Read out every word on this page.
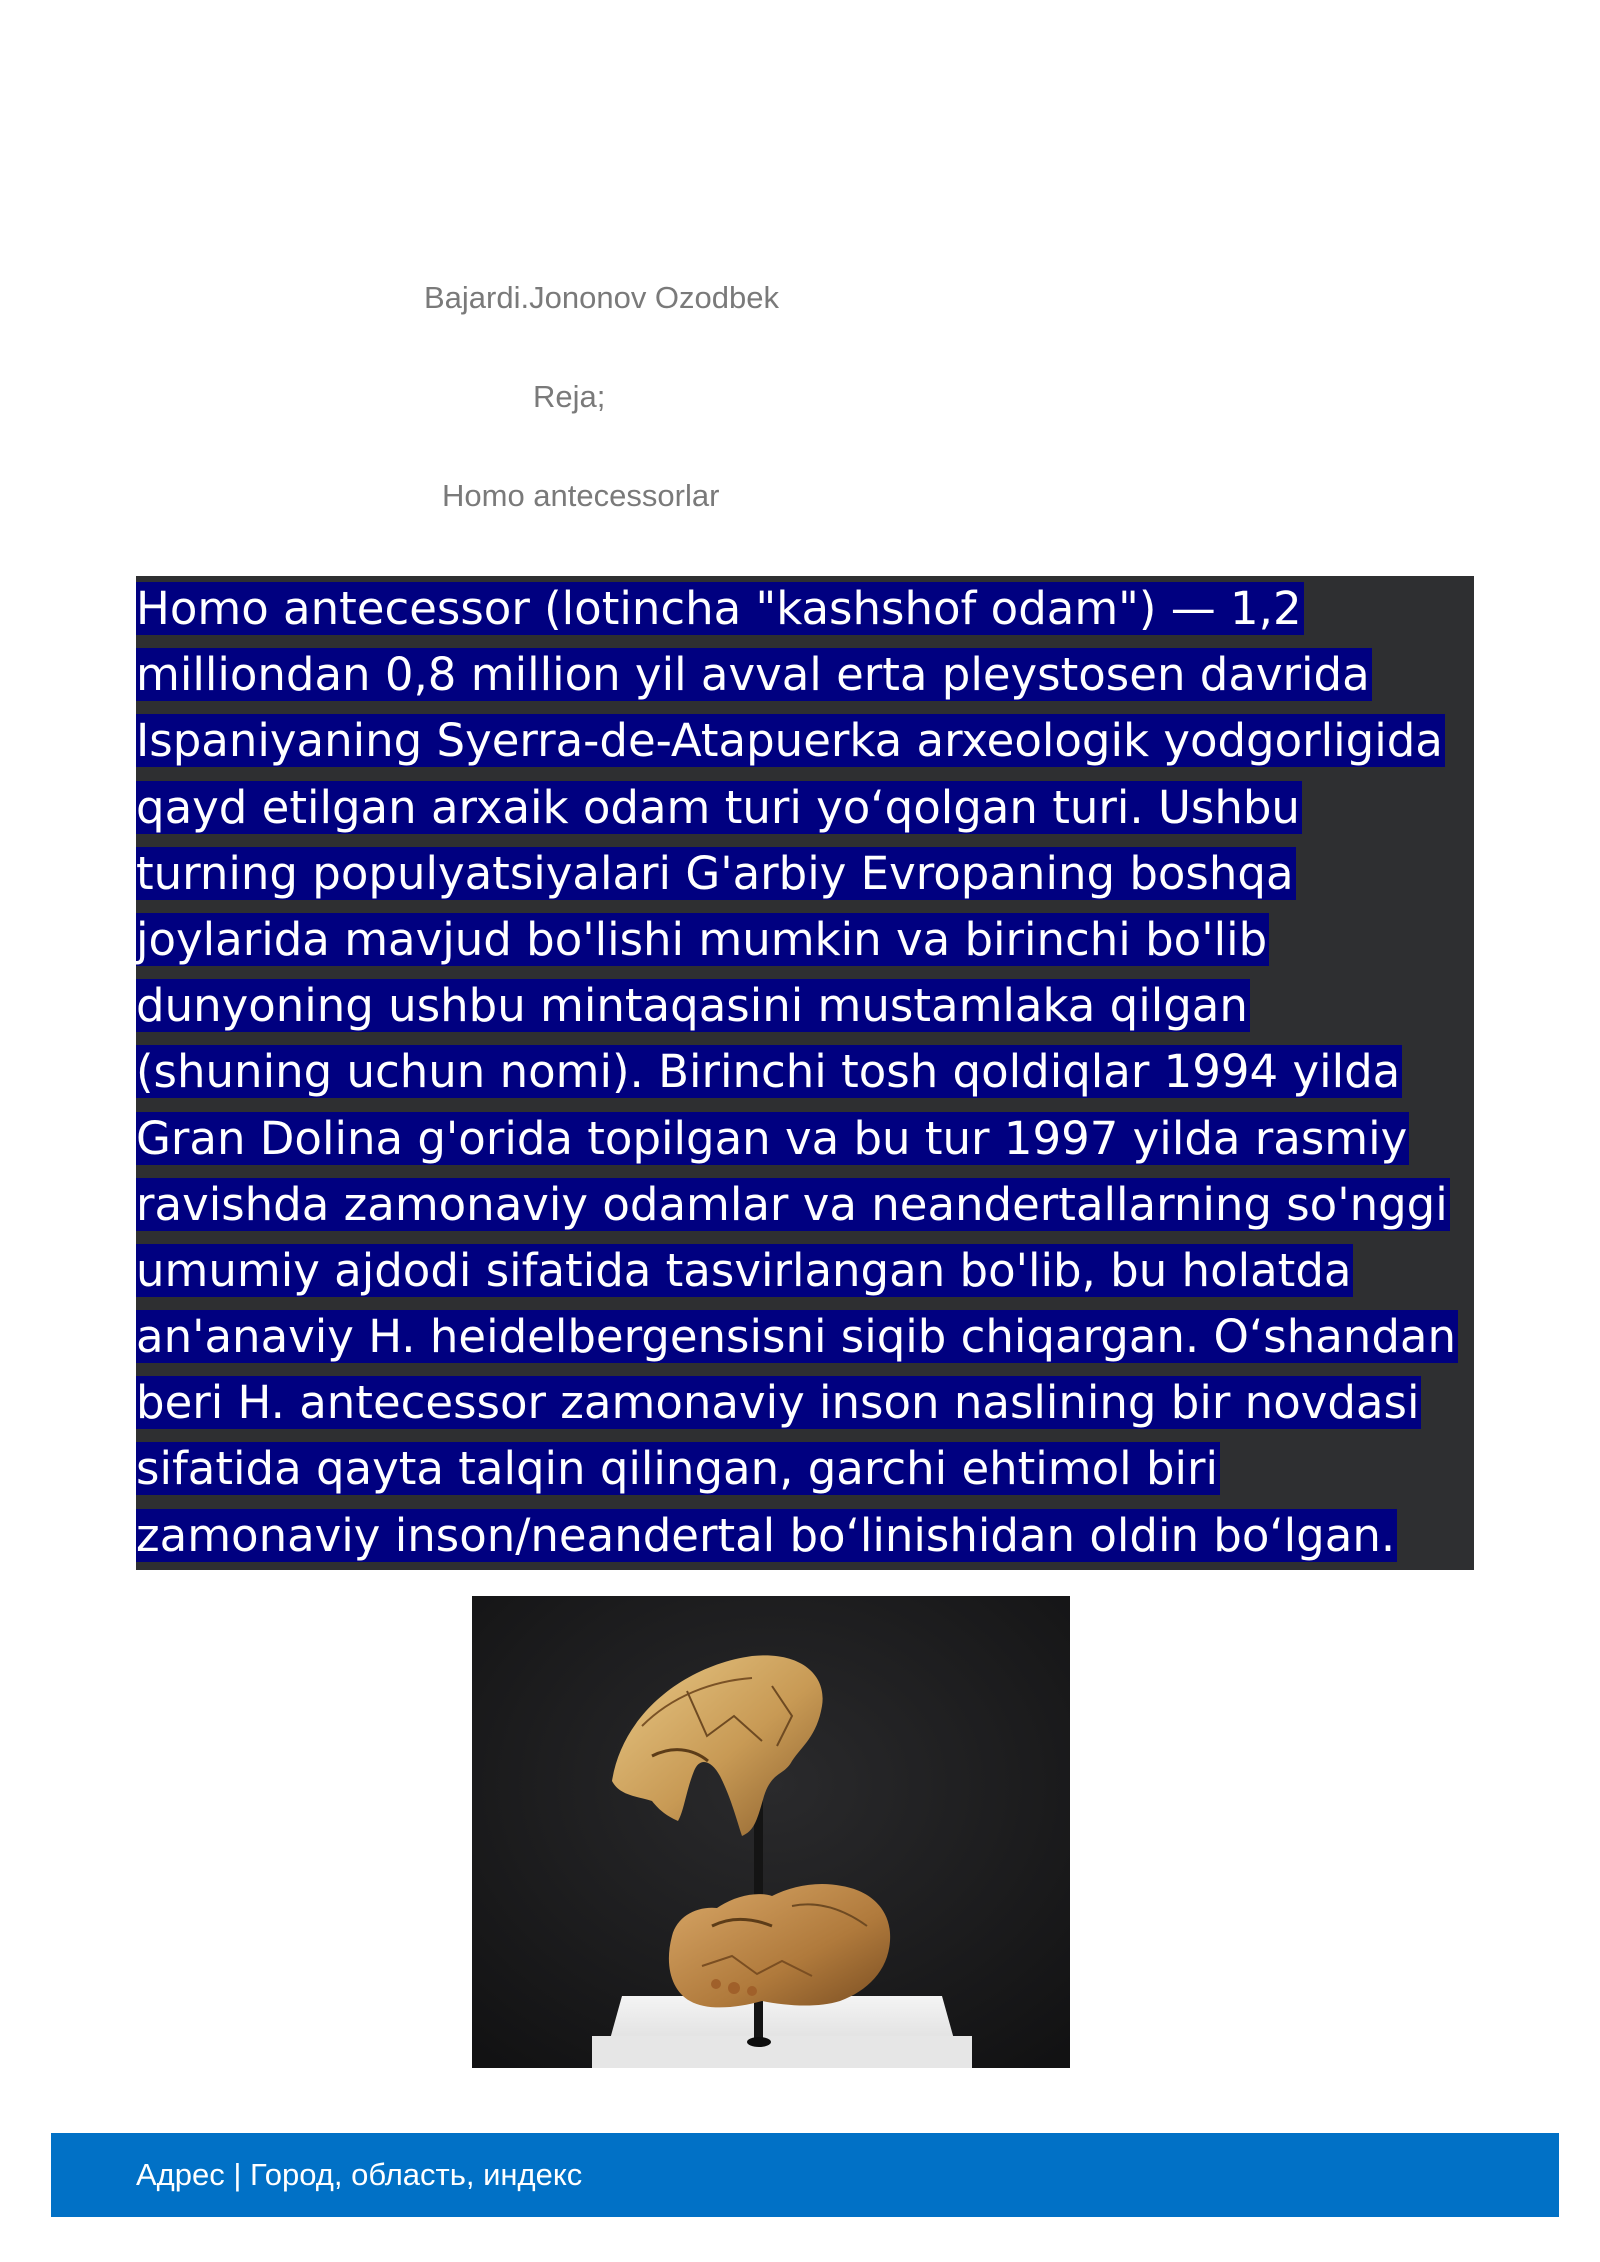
Bajardi.Jononov Ozodbek
Reja;
Homo antecessorlar
Homo antecessor (lotincha "kashshof odam") — 1,2
milliondan 0,8 million yil avval erta pleystosen davrida
Ispaniyaning Syerra-de-Atapuerka arxeologik yodgorligida
qayd etilgan arxaik odam turi yo‘qolgan turi. Ushbu
turning populyatsiyalari G'arbiy Evropaning boshqa
joylarida mavjud bo'lishi mumkin va birinchi bo'lib
dunyoning ushbu mintaqasini mustamlaka qilgan
(shuning uchun nomi). Birinchi tosh qoldiqlar 1994 yilda
Gran Dolina g'orida topilgan va bu tur 1997 yilda rasmiy
ravishda zamonaviy odamlar va neandertallarning so'nggi
umumiy ajdodi sifatida tasvirlangan bo'lib, bu holatda
an'anaviy H. heidelbergensisni siqib chiqargan. O‘shandan
beri H. antecessor zamonaviy inson naslining bir novdasi
sifatida qayta talqin qilingan, garchi ehtimol biri
zamonaviy inson/neandertal bo‘linishidan oldin bo‘lgan.
Адрес | Город, область, индекс
